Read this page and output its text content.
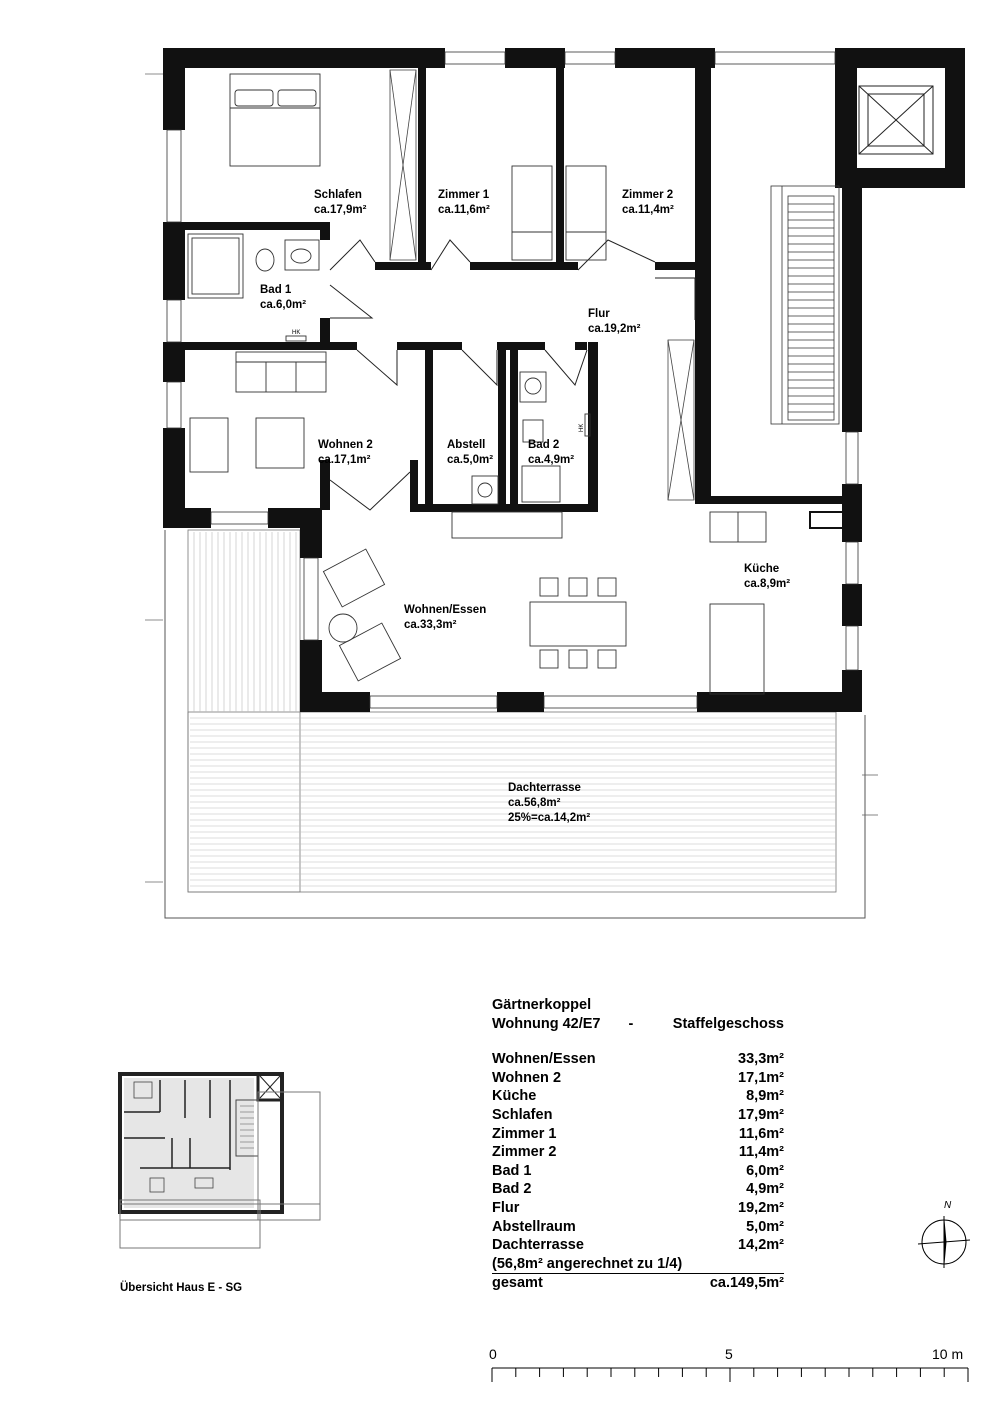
HK
HK
Schlafen
ca.17,9m²
Zimmer 1
ca.11,6m²
Zimmer 2
ca.11,4m²
Bad 1
ca.6,0m²
Flur
ca.19,2m²
Wohnen 2
ca.17,1m²
Abstell
ca.5,0m²
Bad 2
ca.4,9m²
Küche
ca.8,9m²
Wohnen/Essen
ca.33,3m²
Dachterrasse
ca.56,8m²
25%=ca.14,2m²
Gärtnerkoppel
Wohnung 42/E7 -	Staffelgeschoss
Wohnen/Essen	33,3m²
Wohnen 2	17,1m²
Küche	8,9m²
Schlafen	17,9m²
Zimmer 1	11,6m²
Zimmer 2	11,4m²
Bad 1	6,0m²
Bad 2	4,9m²
Flur	19,2m²
Abstellraum	5,0m²
Dachterrasse	14,2m²
(56,8m² angerechnet zu 1/4)
gesamt	ca.149,5m²
Übersicht Haus E - SG
0	5	10 m
N
